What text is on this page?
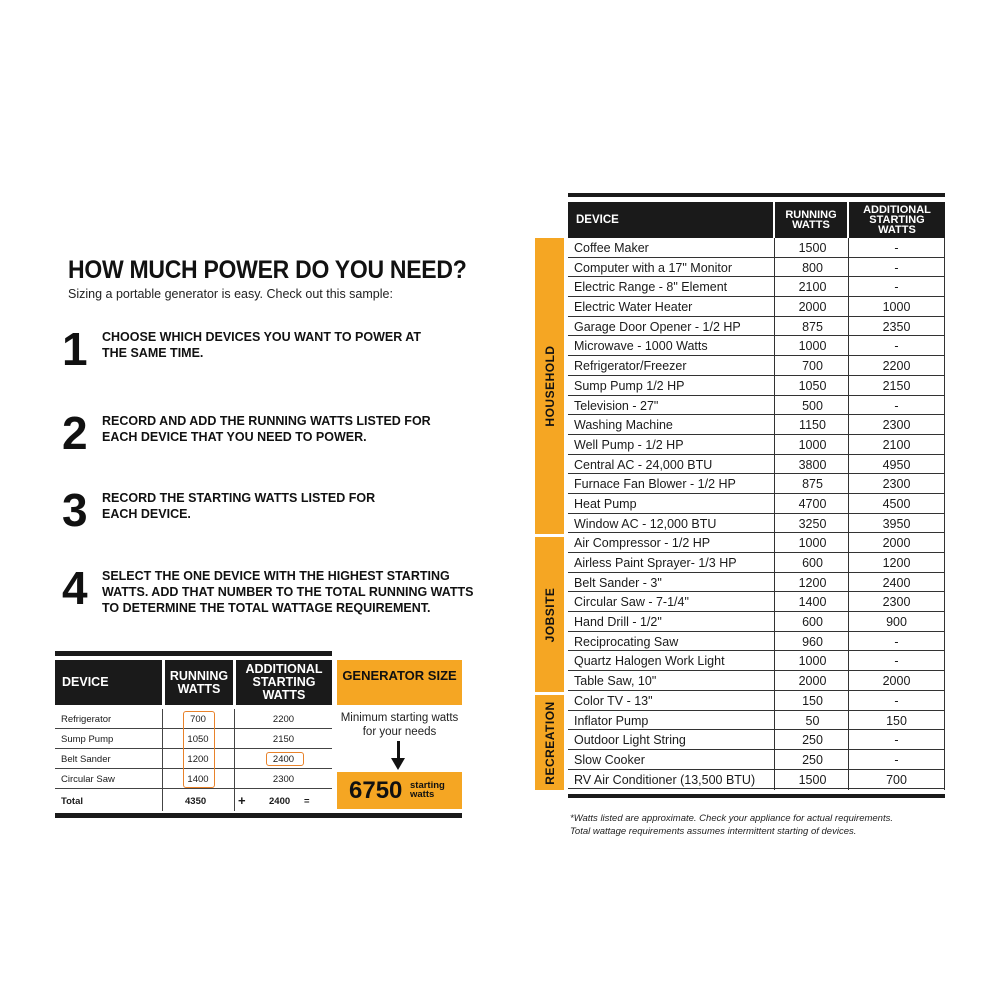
HOW MUCH POWER DO YOU NEED?
Sizing a portable generator is easy. Check out this sample:
1 CHOOSE WHICH DEVICES YOU WANT TO POWER AT THE SAME TIME.
2 RECORD AND ADD THE RUNNING WATTS LISTED FOR EACH DEVICE THAT YOU NEED TO POWER.
3 RECORD THE STARTING WATTS LISTED FOR EACH DEVICE.
4 SELECT THE ONE DEVICE WITH THE HIGHEST STARTING WATTS. ADD THAT NUMBER TO THE TOTAL RUNNING WATTS TO DETERMINE THE TOTAL WATTAGE REQUIREMENT.
DEVICE	RUNNING WATTS
ADDITIONAL STARTING WATTS
GENERATOR SIZE
Refrigerator	700	2200
Sump Pump	1050	2150
Belt Sander	1200	2400
Circular Saw	1400	2300
Total	4350 + 2400 =
Minimum starting watts for your needs
6750 starting
watts
DEVICE	RUNNING WATTS
ADDITIONAL STARTING WATTS
HOUSEHOLD
JOBSITE
RECREATION
Coffee Maker	1500	-
Computer with a 17" Monitor	800	-
Electric Range - 8" Element	2100	-
Electric Water Heater	2000	1000
Garage Door Opener - 1/2 HP	875	2350
Microwave - 1000 Watts	1000	-
Refrigerator/Freezer	700	2200
Sump Pump 1/2 HP	1050	2150
Television - 27"	500	-
Washing Machine	1150	2300
Well Pump - 1/2 HP	1000	2100
Central AC - 24,000 BTU	3800	4950
Furnace Fan Blower - 1/2 HP	875	2300
Heat Pump	4700	4500
Window AC - 12,000 BTU	3250	3950
Air Compressor - 1/2 HP	1000	2000
Airless Paint Sprayer- 1/3 HP	600	1200
Belt Sander - 3"	1200	2400
Circular Saw - 7-1/4"	1400	2300
Hand Drill - 1/2"	600	900
Reciprocating Saw	960	-
Quartz Halogen Work Light	1000	-
Table Saw, 10"	2000	2000
Color TV - 13"	150	-
Inflator Pump	50	150
Outdoor Light String	250	-
Slow Cooker	250	-
RV Air Conditioner (13,500 BTU)	1500	700
*Watts listed are approximate. Check your appliance for actual requirements.
Total wattage requirements assumes intermittent starting of devices.
